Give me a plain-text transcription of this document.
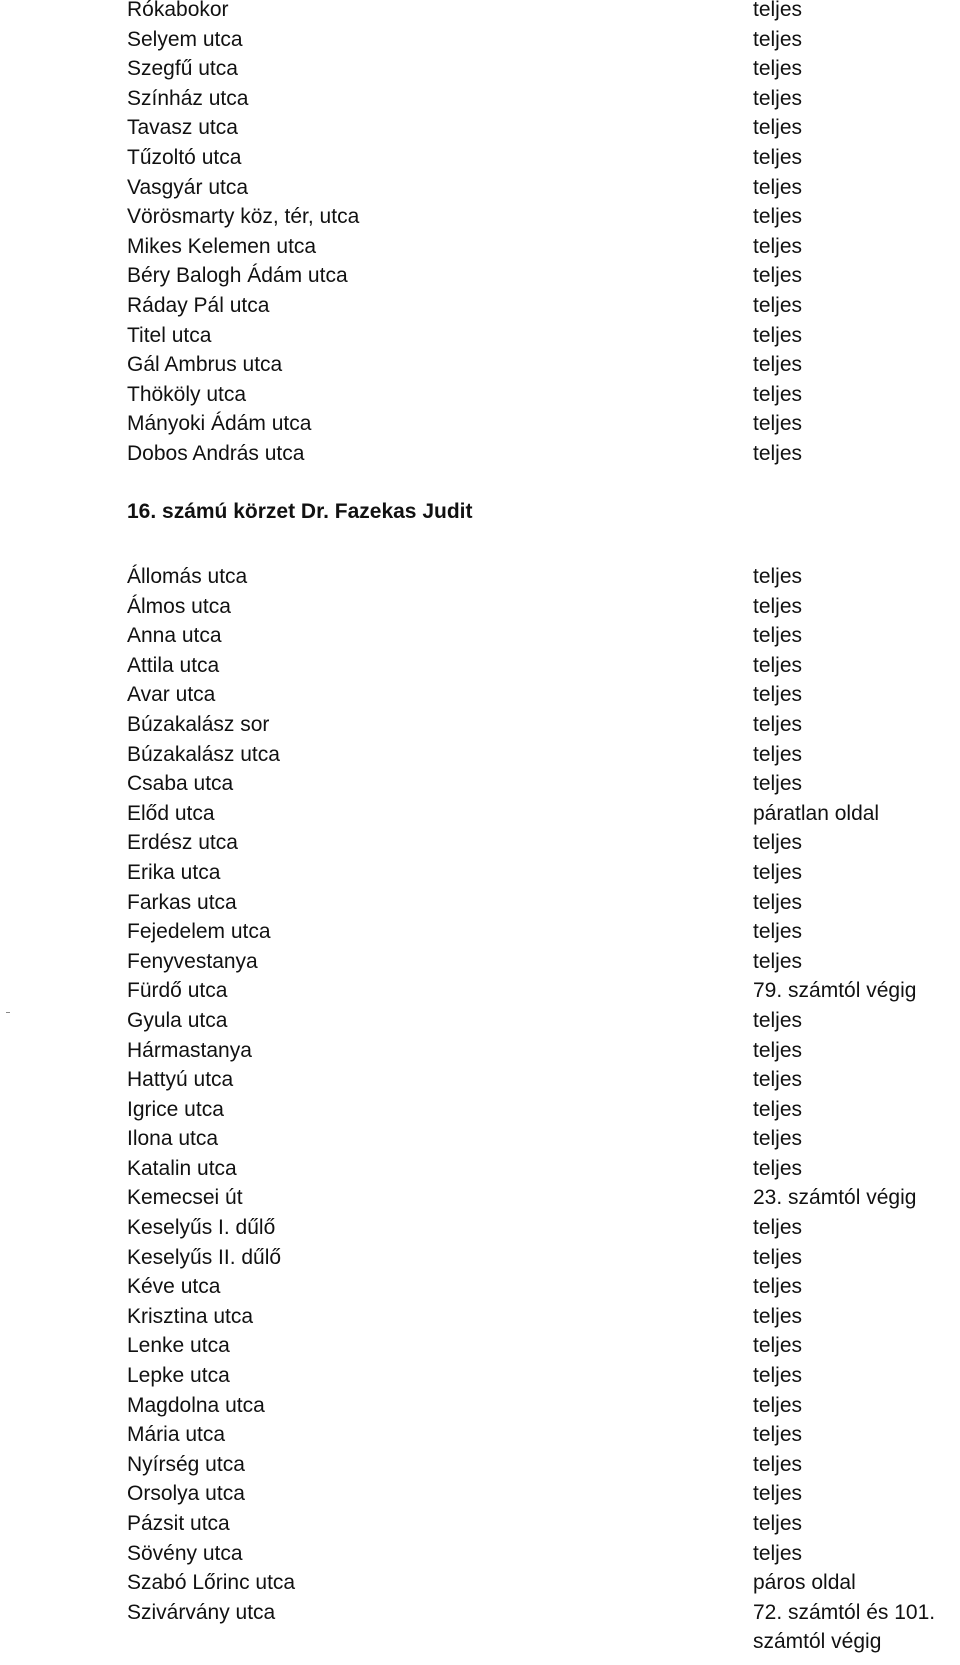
Rókabokor	teljes
Selyem utca	teljes
Szegfű utca	teljes
Színház utca	teljes
Tavasz utca	teljes
Tűzoltó utca	teljes
Vasgyár utca	teljes
Vörösmarty köz, tér, utca	teljes
Mikes Kelemen utca	teljes
Béry Balogh Ádám utca	teljes
Ráday Pál utca	teljes
Titel utca	teljes
Gál Ambrus utca	teljes
Thököly utca	teljes
Mányoki Ádám utca	teljes
Dobos András utca	teljes
16. számú körzet Dr. Fazekas Judit
Állomás utca	teljes
Álmos utca	teljes
Anna utca	teljes
Attila utca	teljes
Avar utca	teljes
Búzakalász sor	teljes
Búzakalász utca	teljes
Csaba utca	teljes
Előd utca	páratlan oldal
Erdész utca	teljes
Erika utca	teljes
Farkas utca	teljes
Fejedelem utca	teljes
Fenyvestanya	teljes
Fürdő utca	79. számtól végig
Gyula utca	teljes
Hármastanya	teljes
Hattyú utca	teljes
Igrice utca	teljes
Ilona utca	teljes
Katalin utca	teljes
Kemecsei út	23. számtól végig
Keselyűs I. dűlő	teljes
Keselyűs II. dűlő	teljes
Kéve utca	teljes
Krisztina utca	teljes
Lenke utca	teljes
Lepke utca	teljes
Magdolna utca	teljes
Mária utca	teljes
Nyírség utca	teljes
Orsolya utca	teljes
Pázsit utca	teljes
Sövény utca	teljes
Szabó Lőrinc utca	páros oldal
Szivárvány utca	72. számtól és 101. számtól végig
